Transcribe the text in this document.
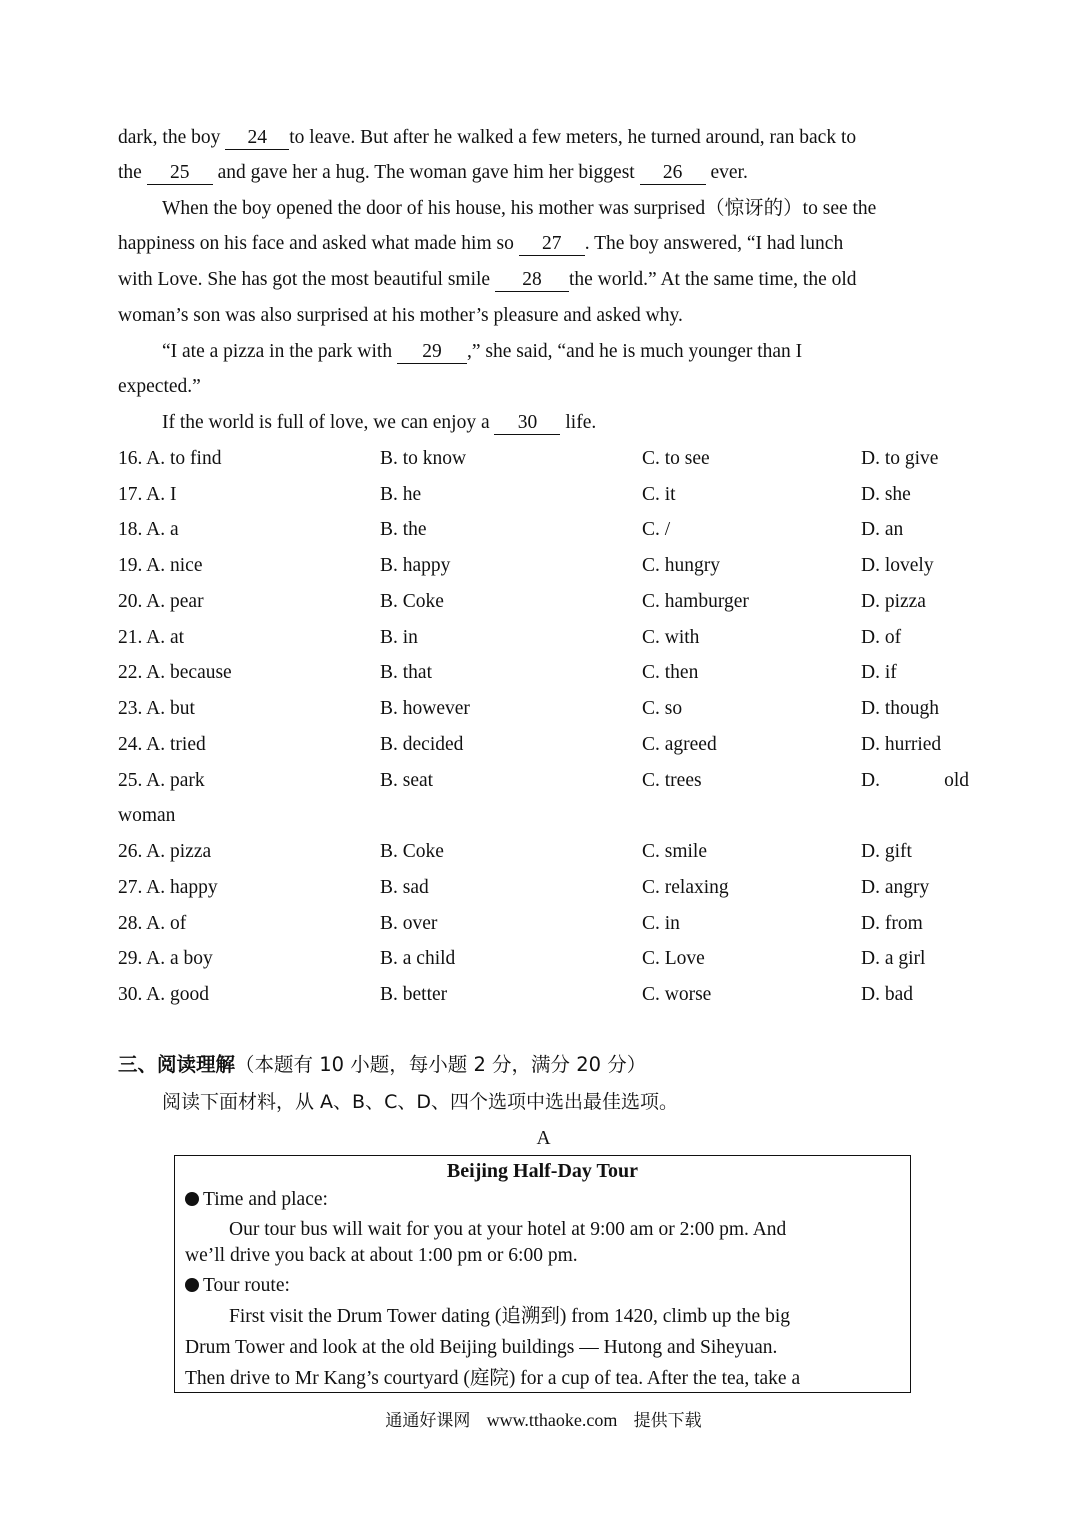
dark, the boy 24 to leave. But after he walked a few meters, he turned around, ran back to
the 25 and gave her a hug. The woman gave him her biggest 26 ever.
When the boy opened the door of his house, his mother was surprised（惊讶的）to see the
happiness on his face and asked what made him so 27 . The boy answered, “I had lunch
with Love. She has got the most beautiful smile 28 the world.” At the same time, the old
woman’s son was also surprised at his mother’s pleasure and asked why.
“I ate a pizza in the park with 29 ,” she said, “and he is much younger than I
expected.”
If the world is full of love, we can enjoy a 30 life.
16. A. to find	B. to know	C. to see	D. to give
17. A. I	B. he	C. it	D. she
18. A. a	B. the	C. /	D. an
19. A. nice	B. happy	C. hungry	D. lovely
20. A. pear	B. Coke	C. hamburger	D. pizza
21. A. at	B. in	C. with	D. of
22. A. because	B. that	C. then	D. if
23. A. but	B. however	C. so	D. though
24. A. tried	B. decided	C. agreed	D. hurried
25. A. park	B. seat	C. trees	D.	old
woman
26. A. pizza	B. Coke	C. smile	D. gift
27. A. happy	B. sad	C. relaxing	D. angry
28. A. of	B. over	C. in	D. from
29. A. a boy	B. a child	C. Love	D. a girl
30. A. good	B. better	C. worse	D. bad
三、阅读理解（本题有 10 小题，每小题 2 分，满分 20 分）
阅读下面材料，从 A、B、C、D、四个选项中选出最佳选项。
A
Beijing Half-Day Tour
Time and place:
Our tour bus will wait for you at your hotel at 9:00 am or 2:00 pm. And
we’ll drive you back at about 1:00 pm or 6:00 pm.
Tour route:
First visit the Drum Tower dating (追溯到) from 1420, climb up the big
Drum Tower and look at the old Beijing buildings — Hutong and Siheyuan.
Then drive to Mr Kang’s courtyard (庭院) for a cup of tea. After the tea, take a
通通好课网 www.tthaoke.com 提供下载
